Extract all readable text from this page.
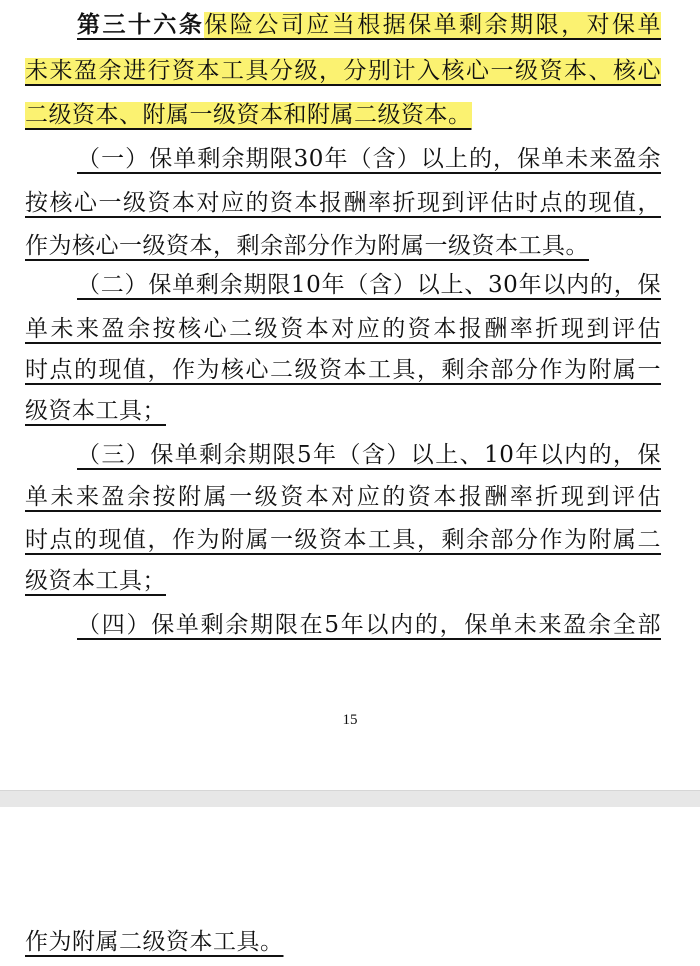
第三十六条保险公司应当根据保单剩余期限，对保单
未来盈余进行资本工具分级，分别计入核心一级资本、核心
二级资本、附属一级资本和附属二级资本。
（一）保单剩余期限30年（含）以上的，保单未来盈余
按核心一级资本对应的资本报酬率折现到评估时点的现值，
作为核心一级资本，剩余部分作为附属一级资本工具。
（二）保单剩余期限10年（含）以上、30年以内的，保
单未来盈余按核心二级资本对应的资本报酬率折现到评估
时点的现值，作为核心二级资本工具，剩余部分作为附属一
级资本工具；
（三）保单剩余期限5年（含）以上、10年以内的，保
单未来盈余按附属一级资本对应的资本报酬率折现到评估
时点的现值，作为附属一级资本工具，剩余部分作为附属二
级资本工具；
（四）保单剩余期限在5年以内的，保单未来盈余全部
15
作为附属二级资本工具。
